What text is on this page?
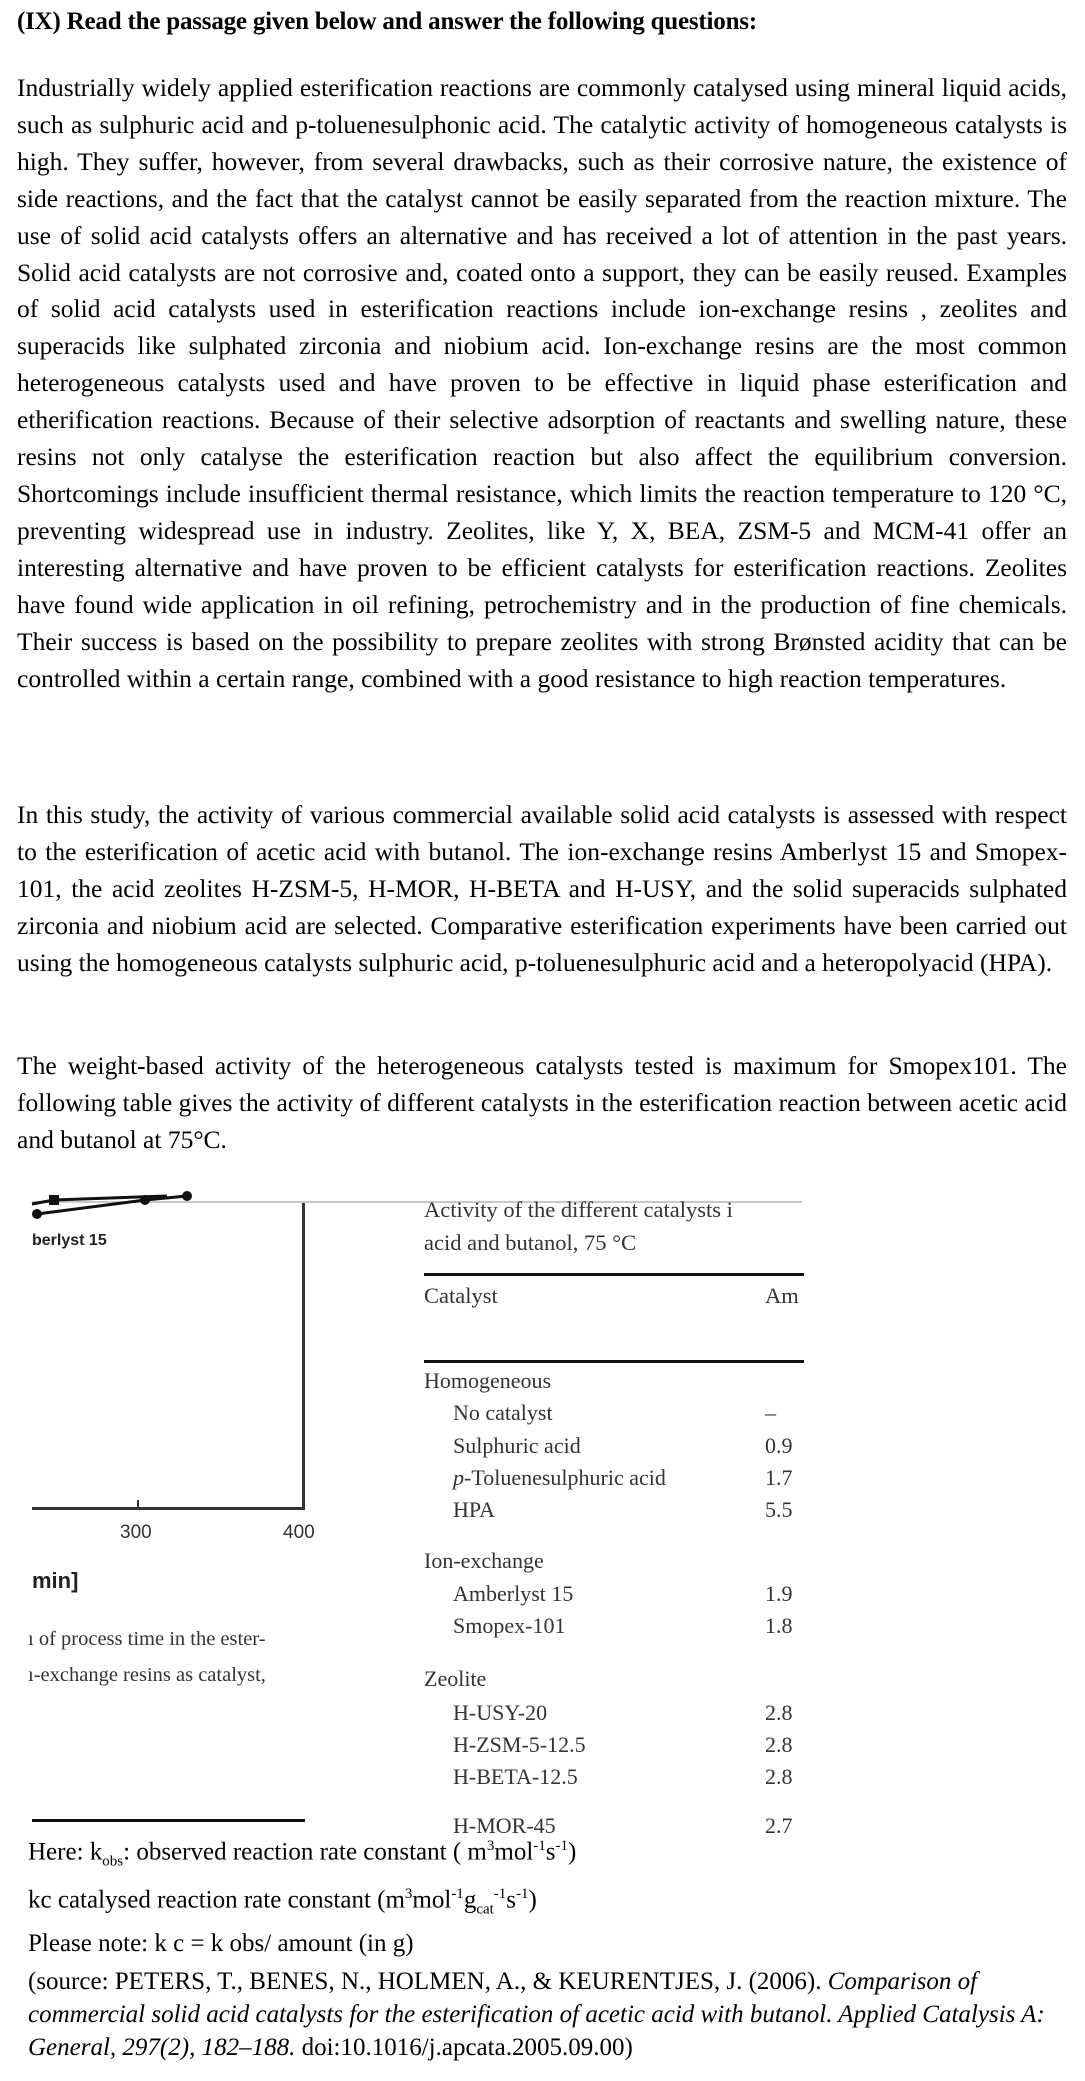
(IX) Read the passage given below and answer the following questions:

Industrially widely applied esterification reactions are commonly catalysed using mineral liquid acids, such as sulphuric acid and p-toluenesulphonic acid. The catalytic activity of homogeneous catalysts is high. They suffer, however, from several drawbacks, such as their corrosive nature, the existence of side reactions, and the fact that the catalyst cannot be easily separated from the reaction mixture. The use of solid acid catalysts offers an alternative and has received a lot of attention in the past years. Solid acid catalysts are not corrosive and, coated onto a support, they can be easily reused. Examples of solid acid catalysts used in esterification reactions include ion-exchange resins , zeolites and superacids like sulphated zirconia and niobium acid. Ion-exchange resins are the most common heterogeneous catalysts used and have proven to be effective in liquid phase esterification and etherification reactions. Because of their selective adsorption of reactants and swelling nature, these resins not only catalyse the esterification reaction but also affect the equilibrium conversion. Shortcomings include insufficient thermal resistance, which limits the reaction temperature to 120 °C, preventing widespread use in industry. Zeolites, like Y, X, BEA, ZSM-5 and MCM-41 offer an interesting alternative and have proven to be efficient catalysts for esterification reactions. Zeolites have found wide application in oil refining, petrochemistry and in the production of fine chemicals. Their success is based on the possibility to prepare zeolites with strong Brønsted acidity that can be controlled within a certain range, combined with a good resistance to high reaction temperatures.

In this study, the activity of various commercial available solid acid catalysts is assessed with respect to the esterification of acetic acid with butanol. The ion-exchange resins Amberlyst 15 and Smopex-101, the acid zeolites H-ZSM-5, H-MOR, H-BETA and H-USY, and the solid superacids sulphated zirconia and niobium acid are selected. Comparative esterification experiments have been carried out using the homogeneous catalysts sulphuric acid, p-toluenesulphuric acid and a heteropolyacid (HPA).

The weight-based activity of the heterogeneous catalysts tested is maximum for Smopex101. The following table gives the activity of different catalysts in the esterification reaction between acetic acid and butanol at 75°C.

berlyst 15
300	400
min]
ı of process time in the ester-
ı-exchange resins as catalyst,
Activity of the different catalysts i
acid and butanol, 75 °C
Catalyst	Am
Homogeneous
No catalyst	–
Sulphuric acid	0.9
p-Toluenesulphuric acid	1.7
HPA	5.5
Ion-exchange
Amberlyst 15	1.9
Smopex-101	1.8
Zeolite
H-USY-20	2.8
H-ZSM-5-12.5	2.8
H-BETA-12.5	2.8
H-MOR-45	2.7
Here: $k_{obs}$: observed reaction rate constant ( $m^3mol^{-1}s^{-1}$)
kc catalysed reaction rate constant $(m^3mol^{-1}g_{cat}^{-1}s^{-1})$
Please note: k c = k obs/ amount (in g)
(source: PETERS, T., BENES, N., HOLMEN, A., & KEURENTJES, J. (2006). Comparison of commercial solid acid catalysts for the esterification of acetic acid with butanol. Applied Catalysis A: General, 297(2), 182–188. doi:10.1016/j.apcata.2005.09.00)
